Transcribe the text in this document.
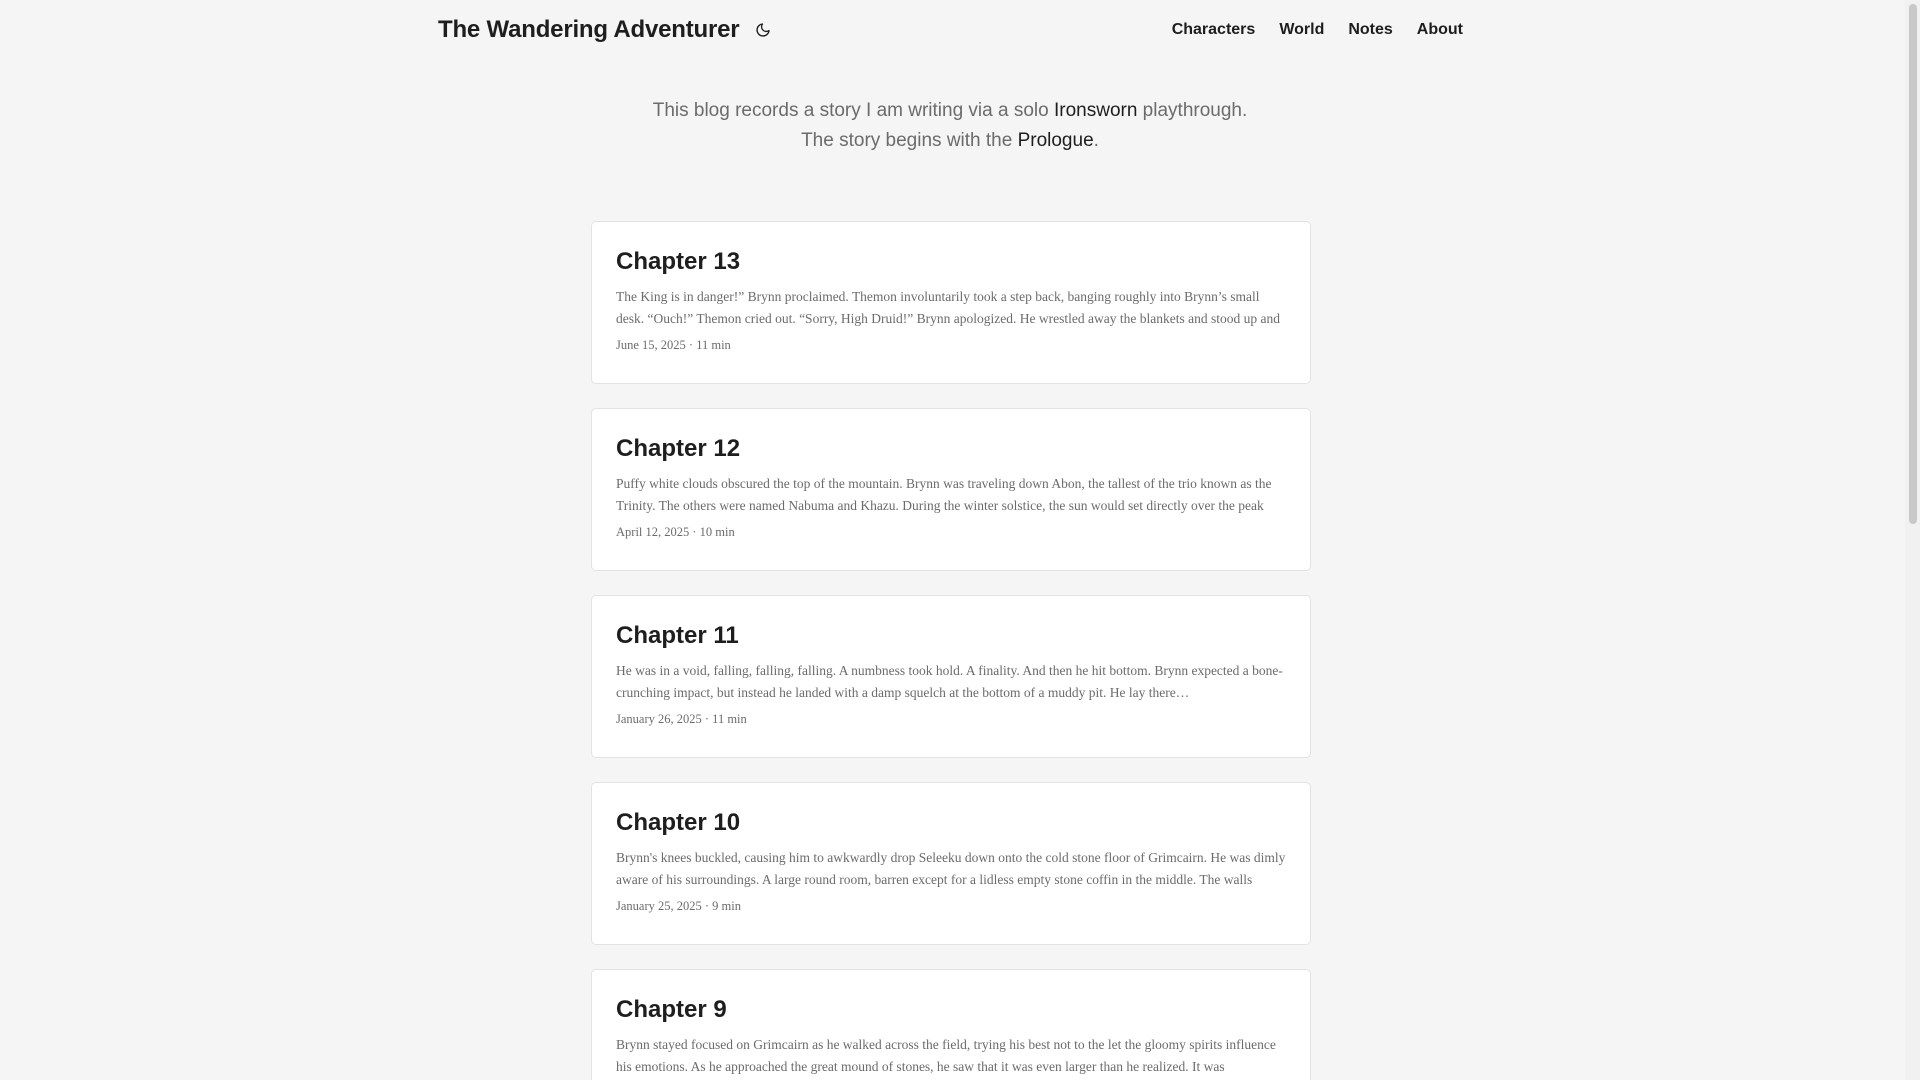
The Wandering Adventurer	Characters World Notes About
This blog records a story I am writing via a solo Ironsworn playthrough.
The story begins with the Prologue.
Chapter 13
The King is in danger!” Brynn proclaimed. Themon involuntarily took a step back, banging roughly into Brynn’s small desk. “Ouch!” Themon cried out. “Sorry, High Druid!” Brynn apologized. He wrestled away the blankets and stood up and
June 15, 2025 · 11 min
Chapter 12
Puffy white clouds obscured the top of the mountain. Brynn was traveling down Abon, the tallest of the trio known as the Trinity. The others were named Nabuma and Khazu. During the winter solstice, the sun would set directly over the peak
April 12, 2025 · 10 min
Chapter 11
He was in a void, falling, falling, falling. A numbness took hold. A finality. And then he hit bottom. Brynn expected a bone-crunching impact, but instead he landed with a damp squelch at the bottom of a muddy pit. He lay there…
January 26, 2025 · 11 min
Chapter 10
Brynn's knees buckled, causing him to awkwardly drop Seleeku down onto the cold stone floor of Grimcairn. He was dimly aware of his surroundings. A large round room, barren except for a lidless empty stone coffin in the middle. The walls
January 25, 2025 · 9 min
Chapter 9
Brynn stayed focused on Grimcairn as he walked across the field, trying his best not to the let the gloomy spirits influence his emotions. As he approached the great mound of stones, he saw that it was even larger than he realized. It was
